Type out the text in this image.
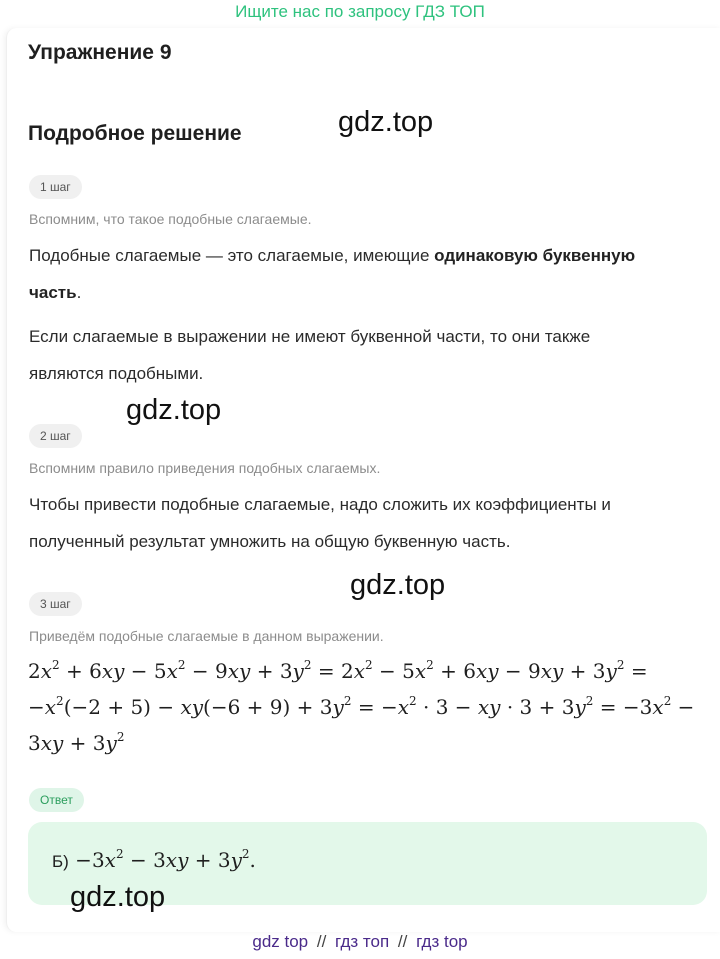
Ищите нас по запросу ГДЗ ТОП
Упражнение 9
Подробное решение	gdz.top
1 шаг
Вспомним, что такое подобные слагаемые.
Подобные слагаемые — это слагаемые, имеющие одинаковую буквенную
часть.
Если слагаемые в выражении не имеют буквенной части, то они также являются подобными.
gdz.top
2 шаг
Вспомним правило приведения подобных слагаемых.
Чтобы привести подобные слагаемые, надо сложить их коэффициенты и полученный результат умножить на общую буквенную часть.
gdz.top
3 шаг
Приведём подобные слагаемые в данном выражении.
$2x^2 + 6xy - 5x^2 - 9xy + 3y^2 = 2x^2 - 5x^2 + 6xy - 9xy + 3y^2$ =
$-x^2(-2 + 5) - xy(-6 + 9) + 3y^2 = -x^2 \cdot 3$ − xy · $3 + 3y^2 = -3x^2$ −
$3xy + 3y^2$
Ответ
$Б) -3x^2 - 3xy + 3y^2$.
gdz.top
gdz top // гдз топ // гдз top
